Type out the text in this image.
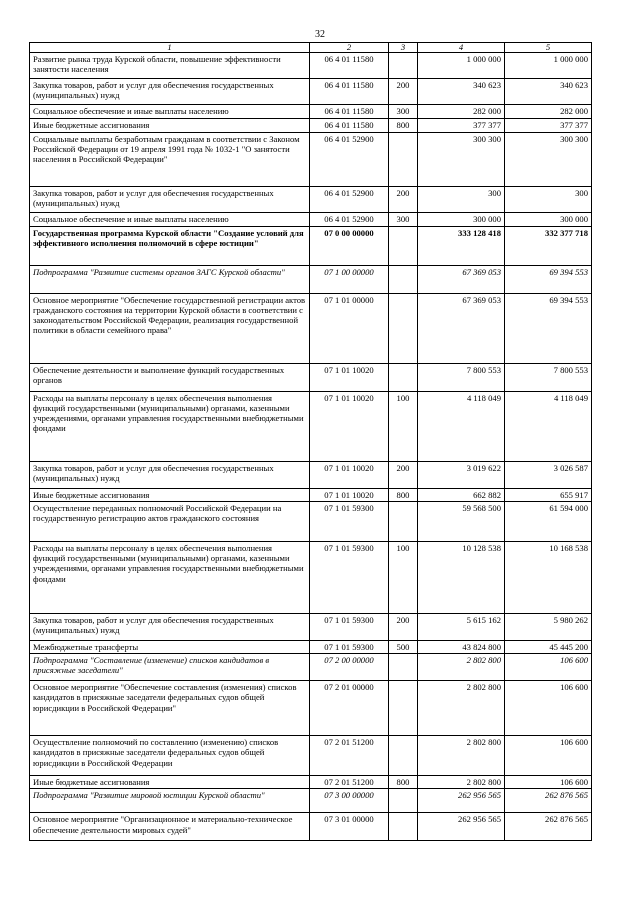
32
1	2	3	4	5
Развитие рынка труда Курской области, повышение эффективности занятости населения	06 4 01 11580		1 000 000	1 000 000
Закупка товаров, работ и услуг для обеспечения государственных (муниципальных) нужд	06 4 01 11580	200	340 623	340 623
Социальное обеспечение и иные выплаты населению	06 4 01 11580	300	282 000	282 000
Иные бюджетные ассигнования	06 4 01 11580	800	377 377	377 377
Социальные выплаты безработным гражданам в соответствии с Законом Российской Федерации от 19 апреля 1991 года № 1032-1 "О занятости населения в Российской Федерации"	06 4 01 52900		300 300	300 300
Закупка товаров, работ и услуг для обеспечения государственных (муниципальных) нужд	06 4 01 52900	200	300	300
Социальное обеспечение и иные выплаты населению	06 4 01 52900	300	300 000	300 000
Государственная программа Курской области "Создание условий для эффективного исполнения полномочий в сфере юстиции"	07 0 00 00000		333 128 418	332 377 718
Подпрограмма "Развитие системы органов ЗАГС Курской области"	07 1 00 00000		67 369 053	69 394 553
Основное мероприятие "Обеспечение государственной регистрации актов гражданского состояния на территории Курской области в соответствии с законодательством Российской Федерации, реализация государственной политики в области семейного права"	07 1 01 00000		67 369 053	69 394 553
Обеспечение деятельности и выполнение функций государственных органов	07 1 01 10020		7 800 553	7 800 553
Расходы на выплаты персоналу в целях обеспечения выполнения функций государственными (муниципальными) органами, казенными учреждениями, органами управления государственными внебюджетными фондами	07 1 01 10020	100	4 118 049	4 118 049
Закупка товаров, работ и услуг для обеспечения государственных (муниципальных) нужд	07 1 01 10020	200	3 019 622	3 026 587
Иные бюджетные ассигнования	07 1 01 10020	800	662 882	655 917
Осуществление переданных полномочий Российской Федерации на государственную регистрацию актов гражданского состояния	07 1 01 59300		59 568 500	61 594 000
Расходы на выплаты персоналу в целях обеспечения выполнения функций государственными (муниципальными) органами, казенными учреждениями, органами управления государственными внебюджетными фондами	07 1 01 59300	100	10 128 538	10 168 538
Закупка товаров, работ и услуг для обеспечения государственных (муниципальных) нужд	07 1 01 59300	200	5 615 162	5 980 262
Межбюджетные трансферты	07 1 01 59300	500	43 824 800	45 445 200
Подпрограмма "Составление (изменение) списков кандидатов в присяжные заседатели"	07 2 00 00000		2 802 800	106 600
Основное мероприятие "Обеспечение составления (изменения) списков кандидатов в присяжные заседатели федеральных судов общей юрисдикции в Российской Федерации"	07 2 01 00000		2 802 800	106 600
Осуществление полномочий по составлению (изменению) списков кандидатов в присяжные заседатели федеральных судов общей юрисдикции в Российской Федерации	07 2 01 51200		2 802 800	106 600
Иные бюджетные ассигнования	07 2 01 51200	800	2 802 800	106 600
Подпрограмма "Развитие мировой юстиции Курской области"	07 3 00 00000		262 956 565	262 876 565
Основное мероприятие "Организационное и материально-техническое обеспечение деятельности мировых судей"	07 3 01 00000		262 956 565	262 876 565
